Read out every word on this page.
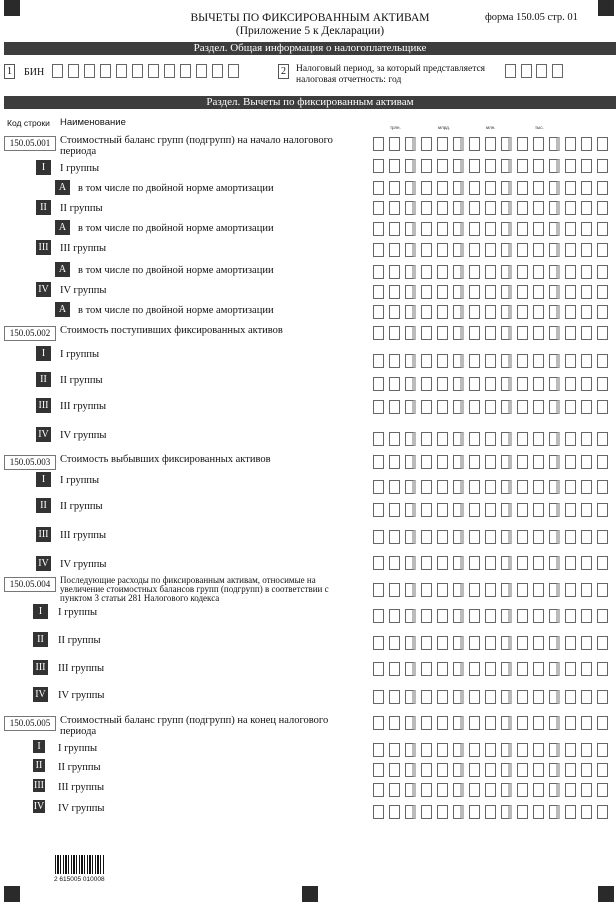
ВЫЧЕТЫ ПО ФИКСИРОВАННЫМ АКТИВАМ
(Приложение 5 к Декларации)
форма 150.05 стр. 01
Раздел. Общая информация о налогоплательщике
1	БИН	2	Налоговый период, за который представляется налоговая отчетность: год
Раздел. Вычеты по фиксированным активам
Код строки Наименование	трлн.	млрд.	млн.	тыс.
150.05.001 Стоимостный баланс групп (подгрупп) на начало налогового периода
I	I группы
A	в том числе по двойной норме амортизации
II	II группы
A	в том числе по двойной норме амортизации
III III группы
A	в том числе по двойной норме амортизации
IV IV группы
A	в том числе по двойной норме амортизации
150.05.002 Стоимость поступивших фиксированных активов
I	I группы
II	II группы
III III группы
IV IV группы
150.05.003 Стоимость выбывших фиксированных активов
I	I группы
II	II группы
III III группы
IV IV группы
150.05.004	Последующие расходы по фиксированным активам, относимые на увеличение стоимостных балансов групп (подгрупп) в соответствии с пунктом 3 статьи 281 Налогового кодекса
I	I группы
II	II группы
III III группы
IV IV группы
150.05.005 Стоимостный баланс групп (подгрупп) на конец налогового периода
I	I группы
II II группы
III III группы
IV IV группы
2 615005 010008
